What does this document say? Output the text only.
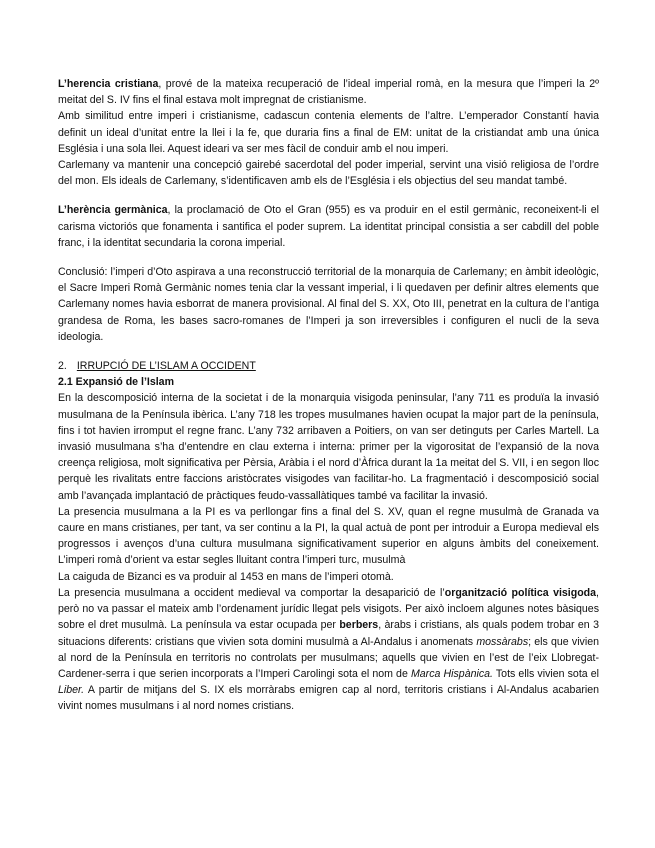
L’herencia cristiana, prové de la mateixa recuperació de l’ideal imperial romà, en la mesura que l’imperi la 2º meitat del S. IV fins el final estava molt impregnat de cristianisme.

Amb similitud entre imperi i cristianisme, cadascun contenia elements de l’altre. L’emperador Constantí havia definit un ideal d’unitat entre la llei i la fe, que duraria fins a final de EM: unitat de la cristiandat amb una única Església i una sola llei. Aquest ideari va ser mes fàcil de conduir amb el nou imperi.

Carlemany va mantenir una concepció gairebé sacerdotal del poder imperial, servint una visió religiosa de l’ordre del mon. Els ideals de Carlemany, s’identificaven amb els de l’Església i els objectius del seu mandat també.

L’herència germànica, la proclamació de Oto el Gran (955) es va produir en el estil germànic, reconeixent-li el carisma victoriós que fonamenta i santifica el poder suprem. La identitat principal consistia a ser cabdill del poble franc, i la identitat secundaria la corona imperial.

Conclusió: l’imperi d’Oto aspirava a una reconstrucció territorial de la monarquia de Carlemany; en àmbit ideològic, el Sacre Imperi Romà Germànic nomes tenia clar la vessant imperial, i li quedaven per definir altres elements que Carlemany nomes havia esborrat de manera provisional. Al final del S. XX, Oto III, penetrat en la cultura de l’antiga grandesa de Roma, les bases sacro-romanes de l’Imperi ja son irreversibles i configuren el nucli de la seva ideologia.

2. IRRUPCIÓ DE L’ISLAM A OCCIDENT

2.1 Expansió de l’Islam

En la descomposició interna de la societat i de la monarquia visigoda peninsular, l’any 711 es produïa la invasió musulmana de la Península ibèrica. L’any 718 les tropes musulmanes havien ocupat la major part de la península, fins i tot havien irromput el regne franc. L’any 732 arribaven a Poitiers, on van ser detinguts per Carles Martell. La invasió musulmana s’ha d’entendre en clau externa i interna: primer per la vigorositat de l’expansió de la nova creença religiosa, molt significativa per Pèrsia, Aràbia i el nord d’Àfrica durant la 1a meitat del S. VII, i en segon lloc perquè les rivalitats entre faccions aristòcrates visigodes van facilitar-ho. La fragmentació i descomposició social amb l’avançada implantació de pràctiques feudo-vassallàtiques també va facilitar la invasió.

La presencia musulmana a la PI es va perllongar fins a final del S. XV, quan el regne musulmà de Granada va caure en mans cristianes, per tant, va ser continu a la PI, la qual actuà de pont per introduir a Europa medieval els progressos i avenços d’una cultura musulmana significativament superior en alguns àmbits del coneixement. L’imperi romà d’orient va estar segles lluitant contra l’imperi turc, musulmà

La caiguda de Bizanci es va produir al 1453 en mans de l’imperi otomà.

La presencia musulmana a occident medieval va comportar la desaparició de l’organització política visigoda, però no va passar el mateix amb l’ordenament jurídic llegat pels visigots. Per això incloem algunes notes bàsiques sobre el dret musulmà. La península va estar ocupada per berbers, àrabs i cristians, als quals podem trobar en 3 situacions diferents: cristians que vivien sota domini musulmà a Al-Andalus i anomenats mossàrabs; els que vivien al nord de la Península en territoris no controlats per musulmans; aquells que vivien en l’est de l’eix Llobregat-Cardener-serra i que serien incorporats a l’Imperi Carolingi sota el nom de Marca Hispànica. Tots ells vivien sota el Liber. A partir de mitjans del S. IX els morràrabs emigren cap al nord, territoris cristians i Al-Andalus acabarien vivint nomes musulmans i al nord nomes cristians.
